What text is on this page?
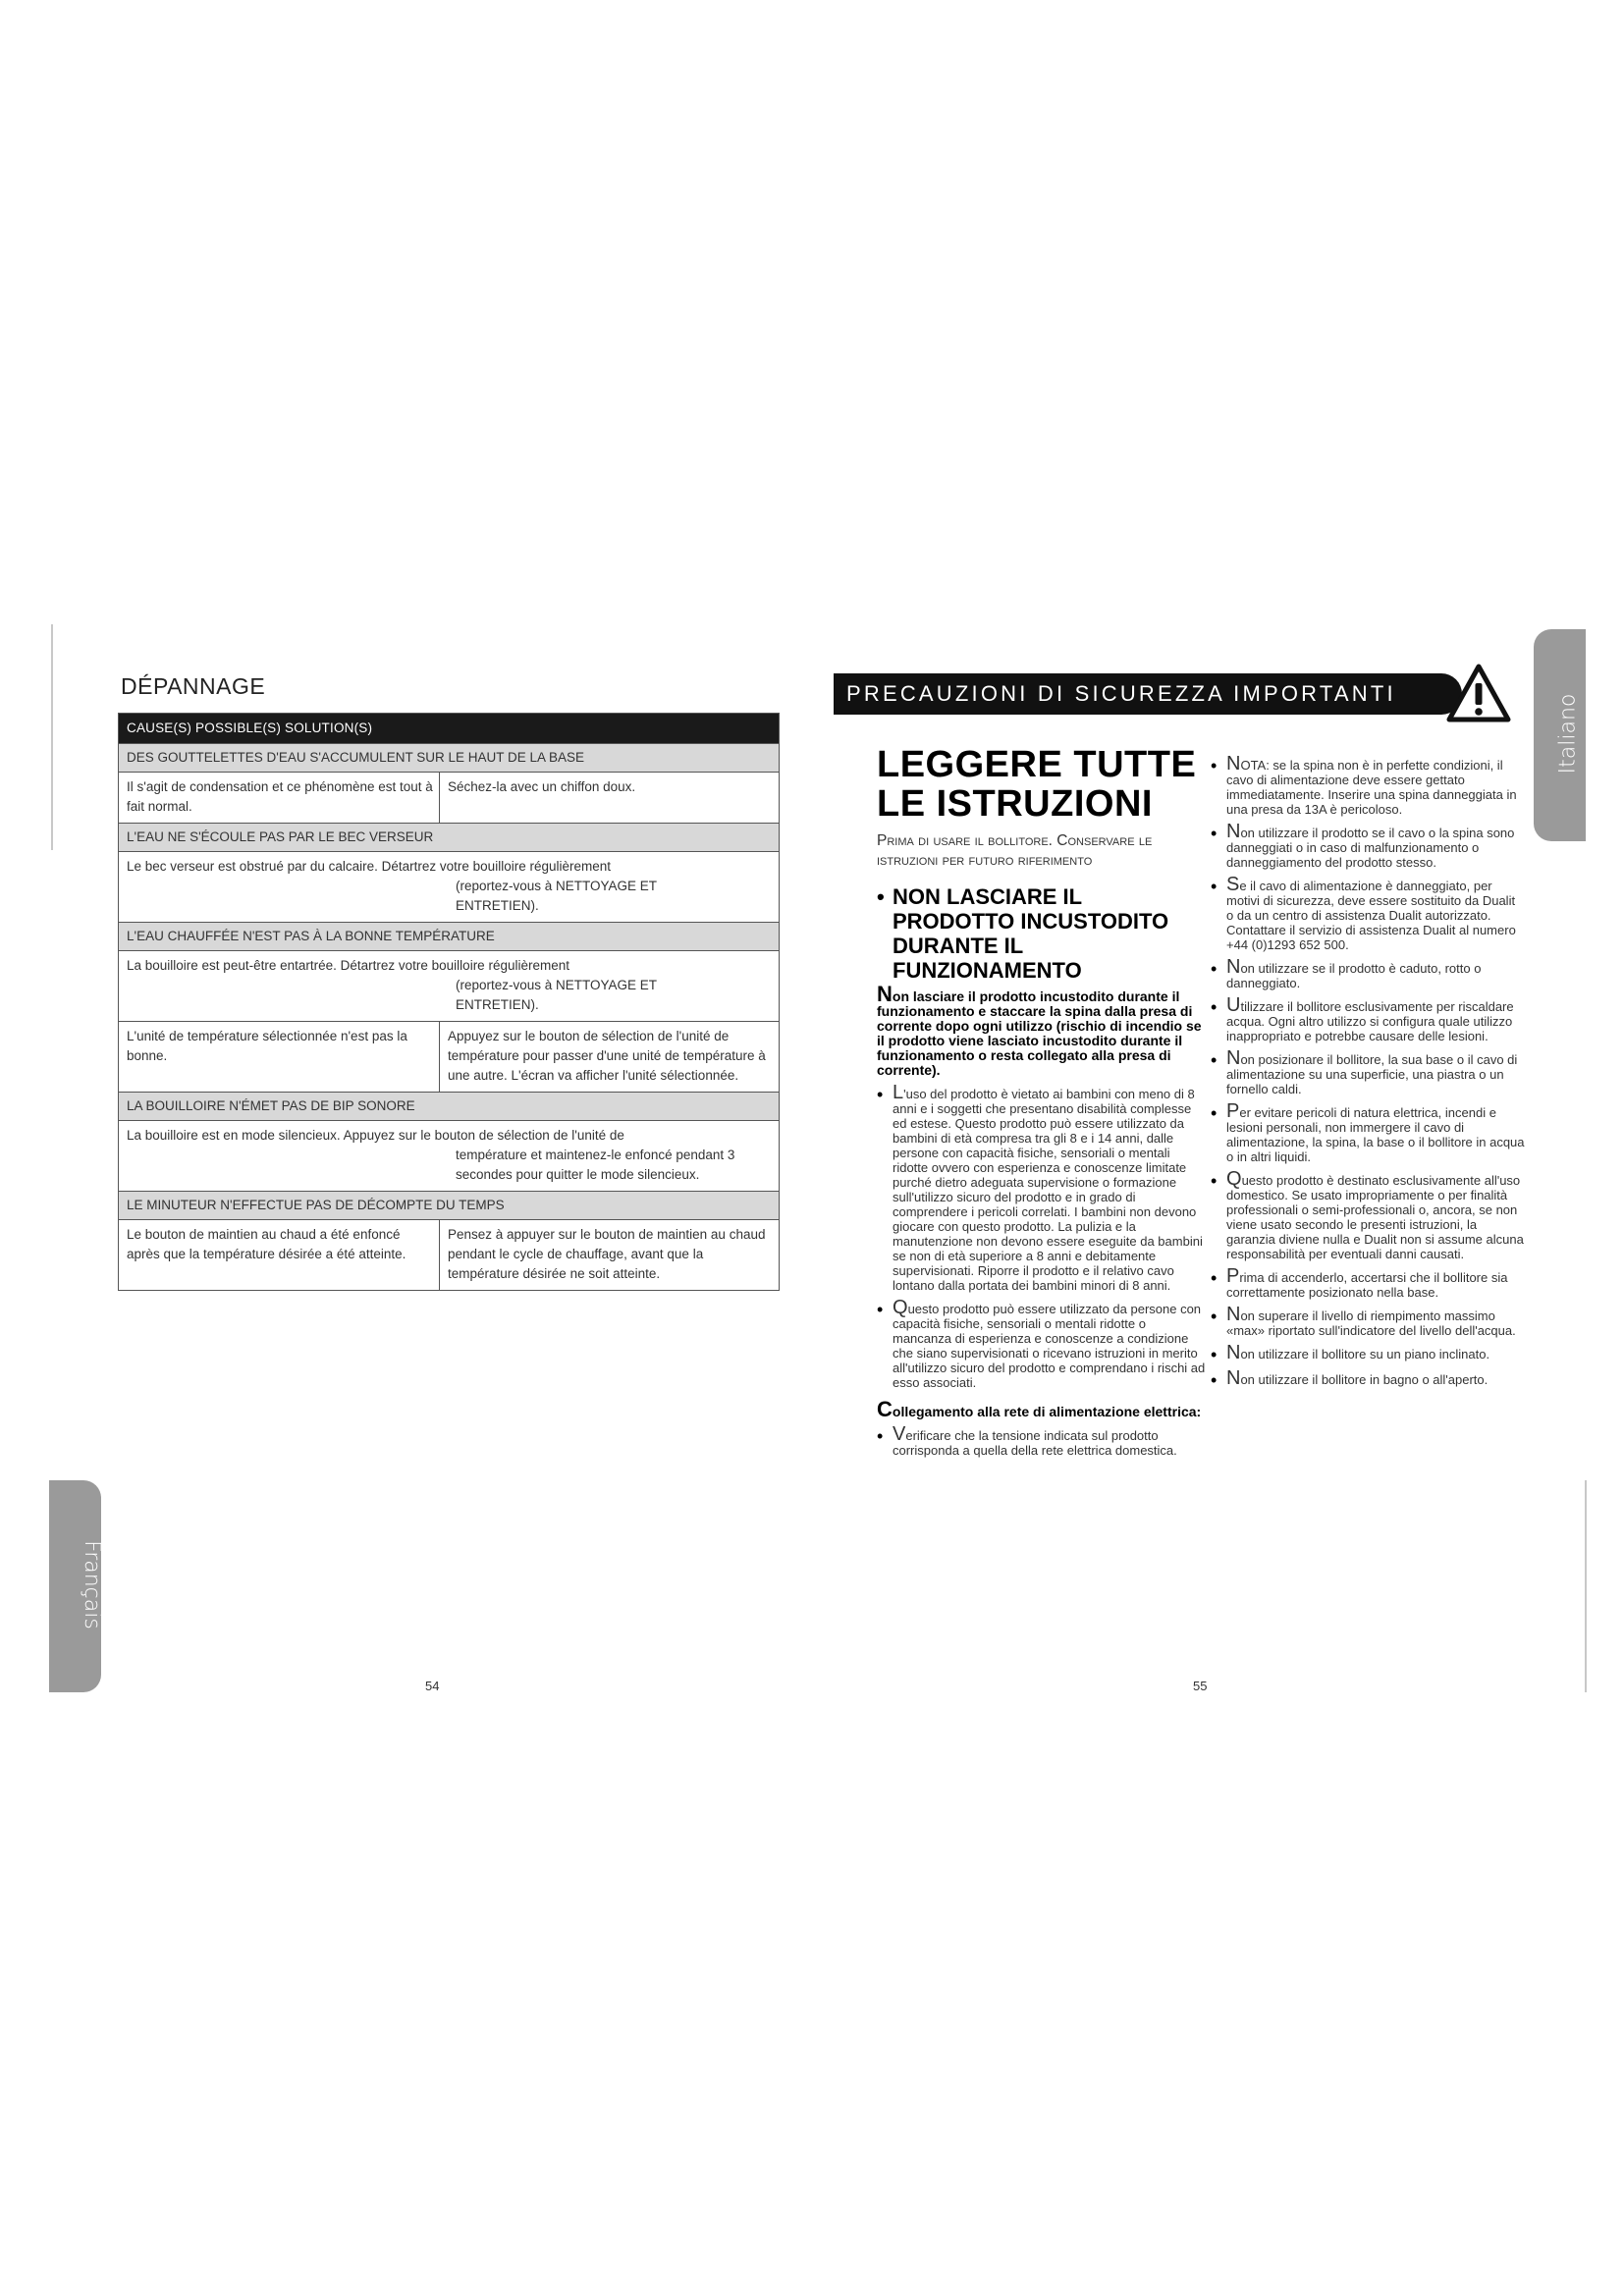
Français
DÉPANNAGE
CAUSE(S) POSSIBLE(S) SOLUTION(S)
DES GOUTTELETTES D'EAU S'ACCUMULENT SUR LE HAUT DE LA BASE
Il s'agit de condensation et ce phénomène est tout à fait normal.
Séchez-la avec un chiffon doux.
L'EAU NE S'ÉCOULE PAS PAR LE BEC VERSEUR
Le bec verseur est obstrué par du calcaire. Détartrez votre bouilloire régulièrement
(reportez-vous à NETTOYAGE ET
ENTRETIEN).
L'EAU CHAUFFÉE N'EST PAS À LA BONNE TEMPÉRATURE
La bouilloire est peut-être entartrée. Détartrez votre bouilloire régulièrement
(reportez-vous à NETTOYAGE ET
ENTRETIEN).
L'unité de température sélectionnée n'est pas la bonne.
Appuyez sur le bouton de sélection de l'unité de température pour passer d'une unité de température à une autre. L'écran va afficher l'unité sélectionnée.
LA BOUILLOIRE N'ÉMET PAS DE BIP SONORE
La bouilloire est en mode silencieux. Appuyez sur le bouton de sélection de l'unité de
température et maintenez-le enfoncé pendant 3
secondes pour quitter le mode silencieux.
LE MINUTEUR N'EFFECTUE PAS DE DÉCOMPTE DU TEMPS
Le bouton de maintien au chaud a été enfoncé après que la température désirée a été atteinte.
Pensez à appuyer sur le bouton de maintien au chaud pendant le cycle de chauffage, avant que la température désirée ne soit atteinte.
54
Italiano
PRECAUZIONI DI SICUREZZA IMPORTANTI
LEGGERE TUTTE LE ISTRUZIONI
Prima di usare il bollitore. Conservare le istruzioni per futuro riferimento
• NON LASCIARE IL PRODOTTO INCUSTODITO DURANTE IL FUNZIONAMENTO
Non lasciare il prodotto incustodito durante il funzionamento e staccare la spina dalla presa di corrente dopo ogni utilizzo (rischio di incendio se il prodotto viene lasciato incustodito durante il funzionamento o resta collegato alla presa di corrente).
• L'uso del prodotto è vietato ai bambini con meno di 8 anni e i soggetti che presentano disabilità complesse ed estese. Questo prodotto può essere utilizzato da bambini di età compresa tra gli 8 e i 14 anni, dalle persone con capacità fisiche, sensoriali o mentali ridotte ovvero con esperienza e conoscenze limitate purché dietro adeguata supervisione o formazione sull'utilizzo sicuro del prodotto e in grado di comprendere i pericoli correlati. I bambini non devono giocare con questo prodotto. La pulizia e la manutenzione non devono essere eseguite da bambini se non di età superiore a 8 anni e debitamente supervisionati. Riporre il prodotto e il relativo cavo lontano dalla portata dei bambini minori di 8 anni.
• Questo prodotto può essere utilizzato da persone con capacità fisiche, sensoriali o mentali ridotte o mancanza di esperienza e conoscenze a condizione che siano supervisionati o ricevano istruzioni in merito all'utilizzo sicuro del prodotto e comprendano i rischi ad esso associati.
Collegamento alla rete di alimentazione elettrica:
• Verificare che la tensione indicata sul prodotto corrisponda a quella della rete elettrica domestica.
• NOTA: se la spina non è in perfette condizioni, il cavo di alimentazione deve essere gettato immediatamente. Inserire una spina danneggiata in una presa da 13A è pericoloso.
• Non utilizzare il prodotto se il cavo o la spina sono danneggiati o in caso di malfunzionamento o danneggiamento del prodotto stesso.
• Se il cavo di alimentazione è danneggiato, per motivi di sicurezza, deve essere sostituito da Dualit o da un centro di assistenza Dualit autorizzato. Contattare il servizio di assistenza Dualit al numero +44 (0)1293 652 500.
• Non utilizzare se il prodotto è caduto, rotto o danneggiato.
• Utilizzare il bollitore esclusivamente per riscaldare acqua. Ogni altro utilizzo si configura quale utilizzo inappropriato e potrebbe causare delle lesioni.
• Non posizionare il bollitore, la sua base o il cavo di alimentazione su una superficie, una piastra o un fornello caldi.
• Per evitare pericoli di natura elettrica, incendi e lesioni personali, non immergere il cavo di alimentazione, la spina, la base o il bollitore in acqua o in altri liquidi.
• Questo prodotto è destinato esclusivamente all'uso domestico. Se usato impropriamente o per finalità professionali o semi-professionali o, ancora, se non viene usato secondo le presenti istruzioni, la garanzia diviene nulla e Dualit non si assume alcuna responsabilità per eventuali danni causati.
• Prima di accenderlo, accertarsi che il bollitore sia correttamente posizionato nella base.
• Non superare il livello di riempimento massimo «max» riportato sull'indicatore del livello dell'acqua.
• Non utilizzare il bollitore su un piano inclinato.
• Non utilizzare il bollitore in bagno o all'aperto.
55
